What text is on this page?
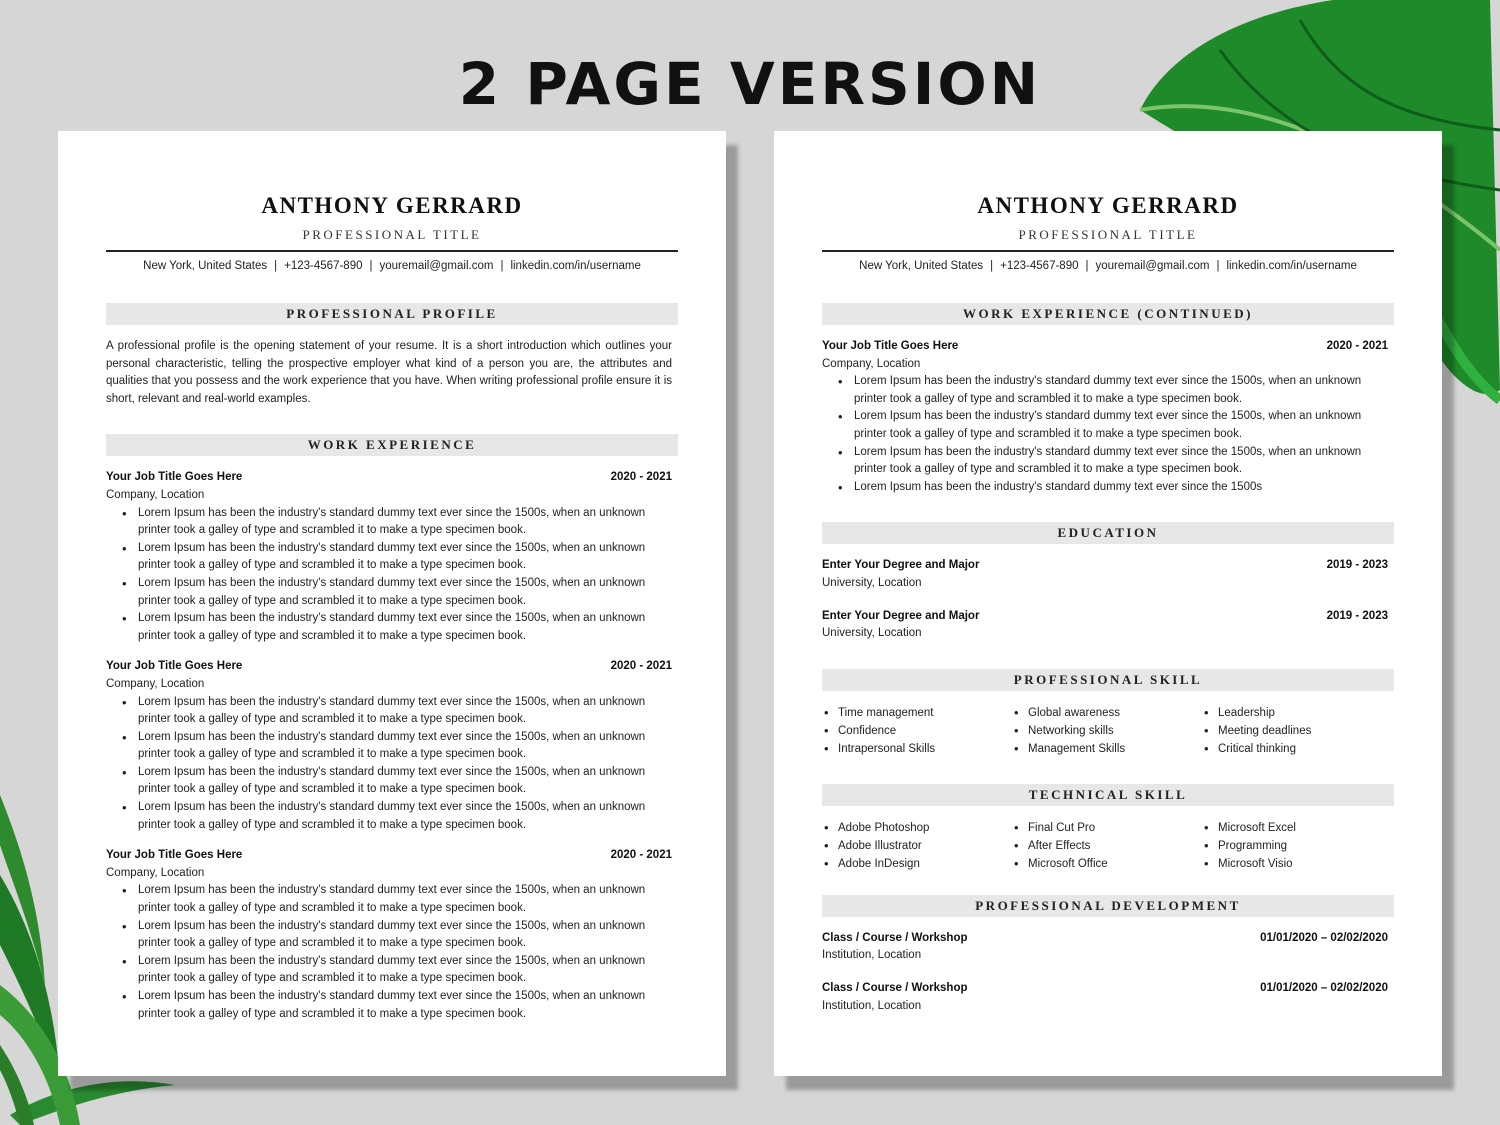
2 PAGE VERSION
ANTHONY GERRARD
PROFESSIONAL TITLE
New York, United States | +123-4567-890 | youremail@gmail.com | linkedin.com/in/username
PROFESSIONAL PROFILE
A professional profile is the opening statement of your resume. It is a short introduction which outlines your personal characteristic, telling the prospective employer what kind of a person you are, the attributes and qualities that you possess and the work experience that you have. When writing professional profile ensure it is short, relevant and real-world examples.
WORK EXPERIENCE
Your Job Title Goes Here	2020 - 2021
Company, Location
• Lorem Ipsum has been the industry's standard dummy text ever since the 1500s, when an unknown printer took a galley of type and scrambled it to make a type specimen book.
• Lorem Ipsum has been the industry's standard dummy text ever since the 1500s, when an unknown printer took a galley of type and scrambled it to make a type specimen book.
• Lorem Ipsum has been the industry's standard dummy text ever since the 1500s, when an unknown printer took a galley of type and scrambled it to make a type specimen book.
• Lorem Ipsum has been the industry's standard dummy text ever since the 1500s, when an unknown printer took a galley of type and scrambled it to make a type specimen book.
Your Job Title Goes Here	2020 - 2021
Company, Location
• Lorem Ipsum has been the industry's standard dummy text ever since the 1500s, when an unknown printer took a galley of type and scrambled it to make a type specimen book.
• Lorem Ipsum has been the industry's standard dummy text ever since the 1500s, when an unknown printer took a galley of type and scrambled it to make a type specimen book.
• Lorem Ipsum has been the industry's standard dummy text ever since the 1500s, when an unknown printer took a galley of type and scrambled it to make a type specimen book.
• Lorem Ipsum has been the industry's standard dummy text ever since the 1500s, when an unknown printer took a galley of type and scrambled it to make a type specimen book.
Your Job Title Goes Here	2020 - 2021
Company, Location
• Lorem Ipsum has been the industry's standard dummy text ever since the 1500s, when an unknown printer took a galley of type and scrambled it to make a type specimen book.
• Lorem Ipsum has been the industry's standard dummy text ever since the 1500s, when an unknown printer took a galley of type and scrambled it to make a type specimen book.
• Lorem Ipsum has been the industry's standard dummy text ever since the 1500s, when an unknown printer took a galley of type and scrambled it to make a type specimen book.
• Lorem Ipsum has been the industry's standard dummy text ever since the 1500s, when an unknown printer took a galley of type and scrambled it to make a type specimen book.
ANTHONY GERRARD
PROFESSIONAL TITLE
New York, United States | +123-4567-890 | youremail@gmail.com | linkedin.com/in/username
WORK EXPERIENCE (CONTINUED)
Your Job Title Goes Here	2020 - 2021
Company, Location
• Lorem Ipsum has been the industry's standard dummy text ever since the 1500s, when an unknown printer took a galley of type and scrambled it to make a type specimen book.
• Lorem Ipsum has been the industry's standard dummy text ever since the 1500s, when an unknown printer took a galley of type and scrambled it to make a type specimen book.
• Lorem Ipsum has been the industry's standard dummy text ever since the 1500s, when an unknown printer took a galley of type and scrambled it to make a type specimen book.
• Lorem Ipsum has been the industry's standard dummy text ever since the 1500s
EDUCATION
Enter Your Degree and Major	2019 - 2023
University, Location
Enter Your Degree and Major	2019 - 2023
University, Location
PROFESSIONAL SKILL
• Time management
• Confidence
• Intrapersonal Skills
• Global awareness
• Networking skills
• Management Skills
• Leadership
• Meeting deadlines
• Critical thinking
TECHNICAL SKILL
• Adobe Photoshop
• Adobe Illustrator
• Adobe InDesign
• Final Cut Pro
• After Effects
• Microsoft Office
• Microsoft Excel
• Programming
• Microsoft Visio
PROFESSIONAL DEVELOPMENT
Class / Course / Workshop	01/01/2020 – 02/02/2020
Institution, Location
Class / Course / Workshop	01/01/2020 – 02/02/2020
Institution, Location
